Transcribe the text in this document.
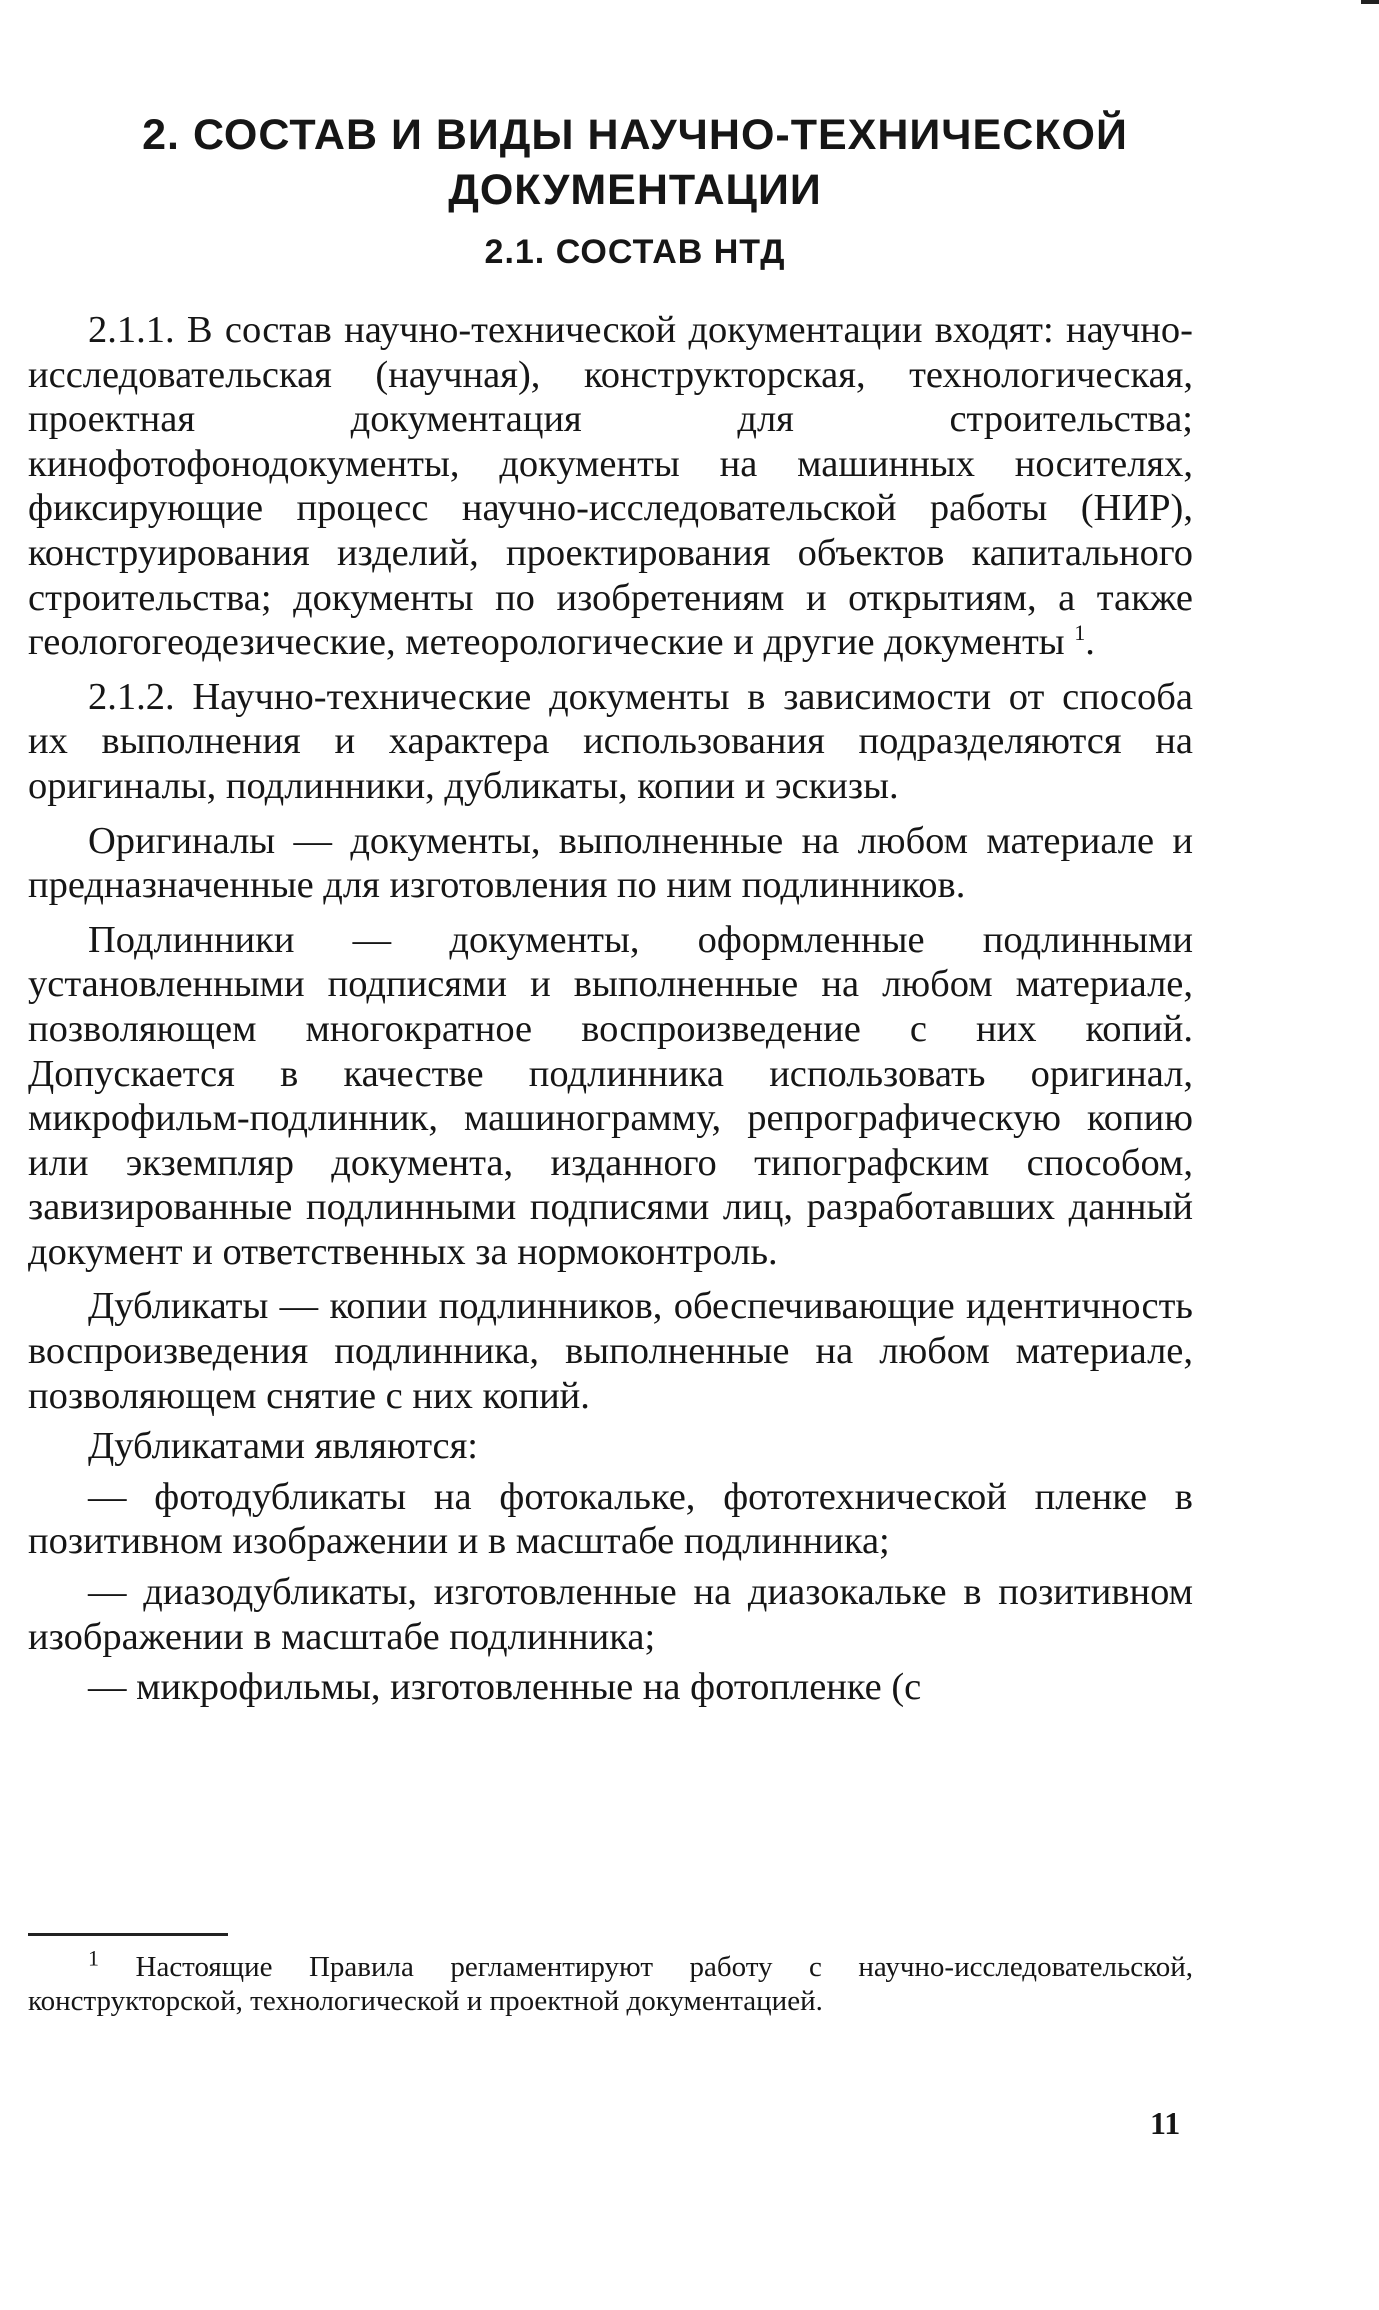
2. СОСТАВ И ВИДЫ НАУЧНО-ТЕХНИЧЕСКОЙ ДОКУМЕНТАЦИИ
2.1. СОСТАВ НТД

2.1.1. В состав научно-технической документации входят: научно-исследовательская (научная), конструкторская, технологическая, проектная документация для строительства; кинофотофонодокументы, документы на машинных носителях, фиксирующие процесс научно-исследовательской работы (НИР), конструирования изделий, проектирования объектов капитального строительства; документы по изобретениям и открытиям, а также геологогеодезические, метеорологические и другие документы $^1$.

2.1.2. Научно-технические документы в зависимости от способа их выполнения и характера использования подразделяются на оригиналы, подлинники, дубликаты, копии и эскизы.

Оригиналы — документы, выполненные на любом материале и предназначенные для изготовления по ним подлинников.

Подлинники — документы, оформленные подлинными установленными подписями и выполненные на любом материале, позволяющем многократное воспроизведение с них копий. Допускается в качестве подлинника использовать оригинал, микрофильм-подлинник, машинограмму, репрографическую копию или экземпляр документа, изданного типографским способом, завизированные подлинными подписями лиц, разработавших данный документ и ответственных за нормоконтроль.

Дубликаты — копии подлинников, обеспечивающие идентичность воспроизведения подлинника, выполненные на любом материале, позволяющем снятие с них копий.

Дубликатами являются:

— фотодубликаты на фотокальке, фототехнической пленке в позитивном изображении и в масштабе подлинника;

— диазодубликаты, изготовленные на диазокальке в позитивном изображении в масштабе подлинника;

— микрофильмы, изготовленные на фотопленке (с

$^1$ Настоящие Правила регламентируют работу с научно-исследовательской, конструкторской, технологической и проектной документацией.

11
